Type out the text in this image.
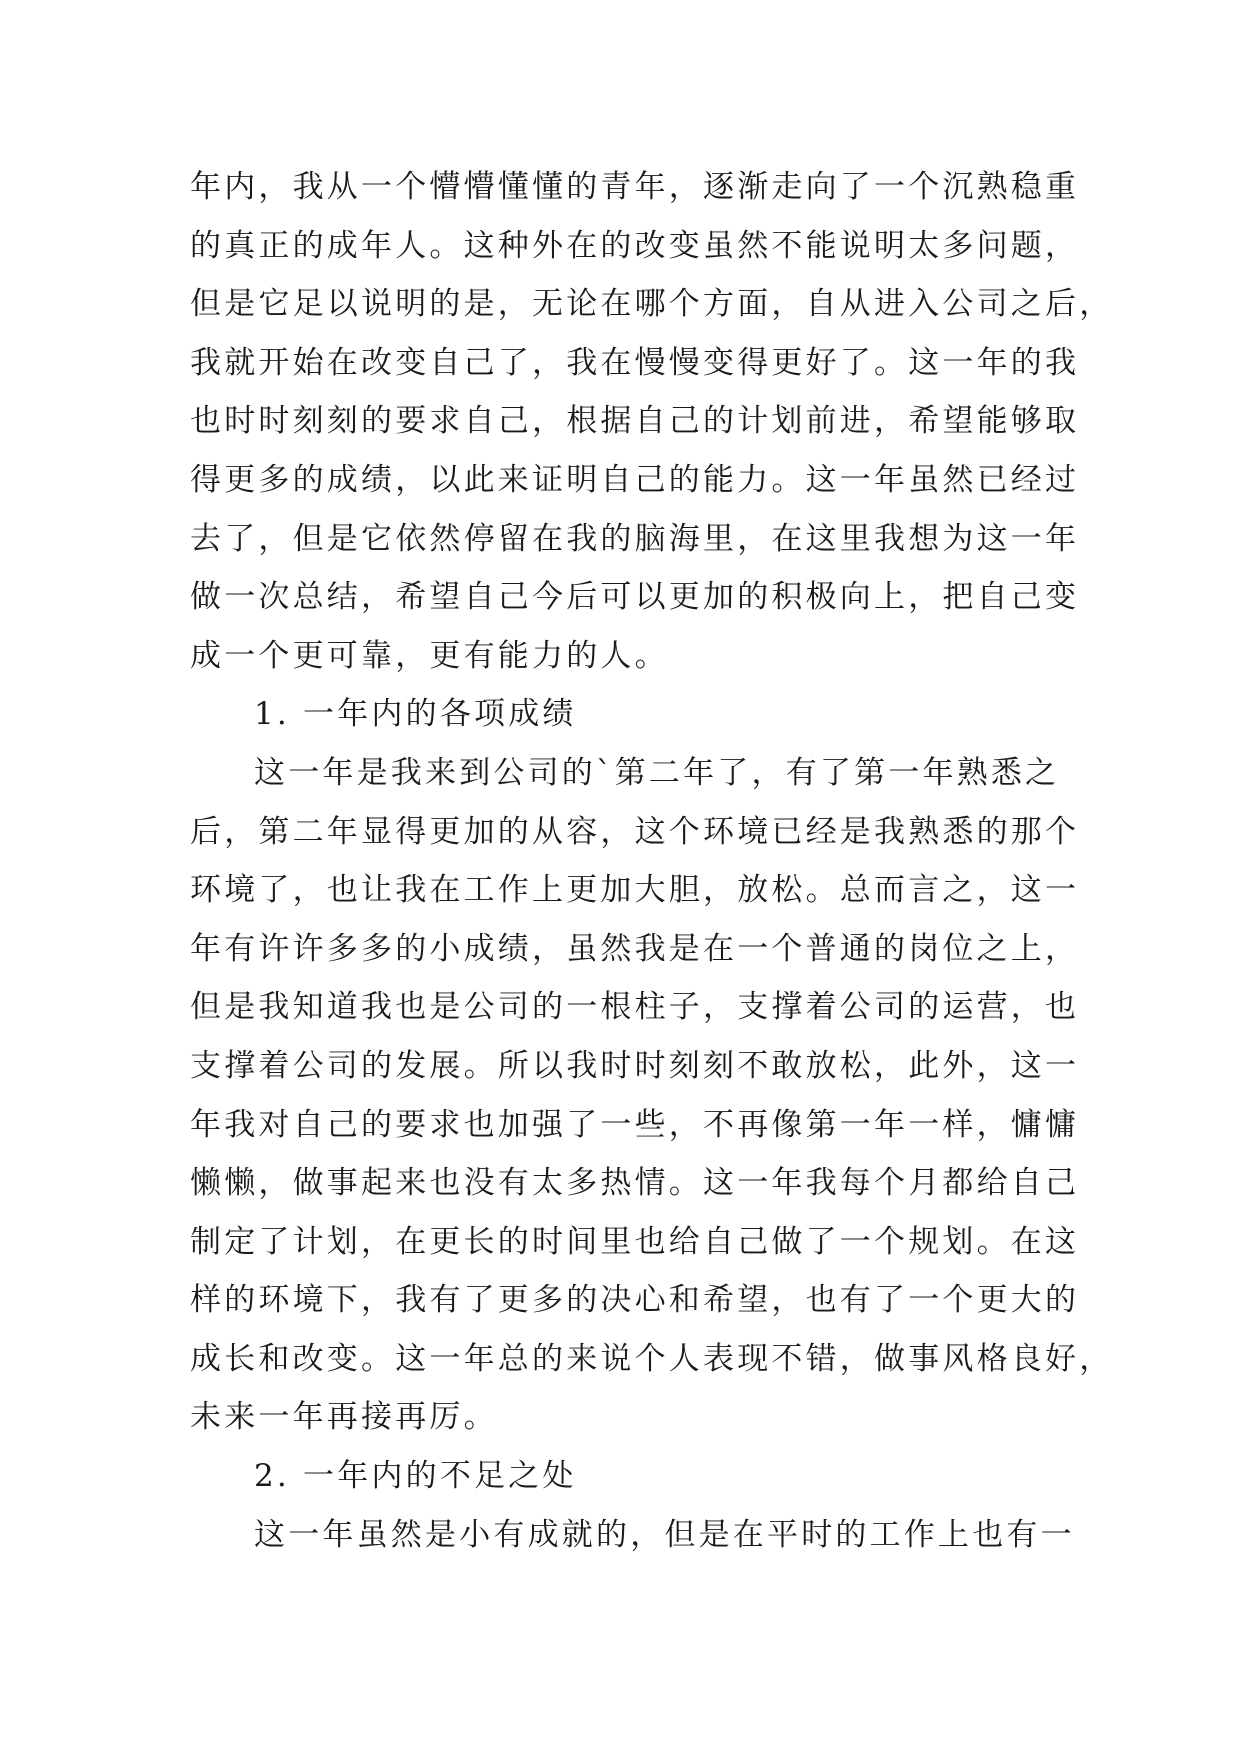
年内，我从一个懵懵懂懂的青年，逐渐走向了一个沉熟稳重
的真正的成年人。这种外在的改变虽然不能说明太多问题，
但是它足以说明的是，无论在哪个方面，自从进入公司之后，
我就开始在改变自己了，我在慢慢变得更好了。这一年的我
也时时刻刻的要求自己，根据自己的计划前进，希望能够取
得更多的成绩，以此来证明自己的能力。这一年虽然已经过
去了，但是它依然停留在我的脑海里，在这里我想为这一年
做一次总结，希望自己今后可以更加的积极向上，把自己变
成一个更可靠，更有能力的人。
1. 一年内的各项成绩
这一年是我来到公司的`第二年了，有了第一年熟悉之
后，第二年显得更加的从容，这个环境已经是我熟悉的那个
环境了，也让我在工作上更加大胆，放松。总而言之，这一
年有许许多多的小成绩，虽然我是在一个普通的岗位之上，
但是我知道我也是公司的一根柱子，支撑着公司的运营，也
支撑着公司的发展。所以我时时刻刻不敢放松，此外，这一
年我对自己的要求也加强了一些，不再像第一年一样，慵慵
懒懒，做事起来也没有太多热情。这一年我每个月都给自己
制定了计划，在更长的时间里也给自己做了一个规划。在这
样的环境下，我有了更多的决心和希望，也有了一个更大的
成长和改变。这一年总的来说个人表现不错，做事风格良好，
未来一年再接再厉。
2. 一年内的不足之处
这一年虽然是小有成就的，但是在平时的工作上也有一
